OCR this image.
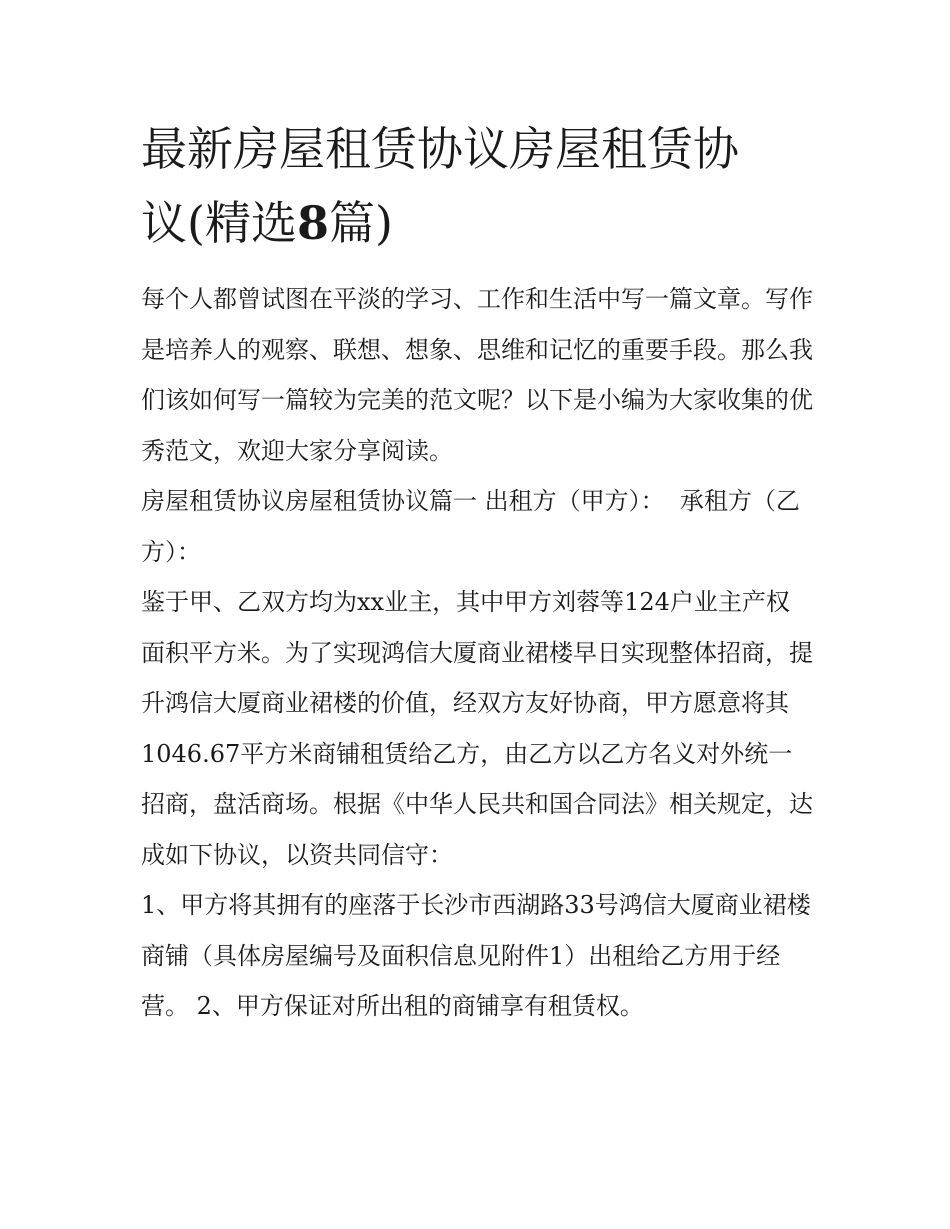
最新房屋租赁协议房屋租赁协
议(精选8篇)

每个人都曾试图在平淡的学习、工作和生活中写一篇文章。写作是培养人的观察、联想、想象、思维和记忆的重要手段。那么我们该如何写一篇较为完美的范文呢？以下是小编为大家收集的优秀范文，欢迎大家分享阅读。

房屋租赁协议房屋租赁协议篇一 出租方（甲方）：  承租方（乙方）：

鉴于甲、乙双方均为xx业主，其中甲方刘蓉等124户业主产权面积平方米。为了实现鸿信大厦商业裙楼早日实现整体招商，提升鸿信大厦商业裙楼的价值，经双方友好协商，甲方愿意将其

1046.67平方米商铺租赁给乙方，由乙方以乙方名义对外统一招商，盘活商场。根据《中华人民共和国合同法》相关规定，达成如下协议，以资共同信守：

1、甲方将其拥有的座落于长沙市西湖路33号鸿信大厦商业裙楼商铺（具体房屋编号及面积信息见附件1）出租给乙方用于经营。 2、甲方保证对所出租的商铺享有租赁权。
